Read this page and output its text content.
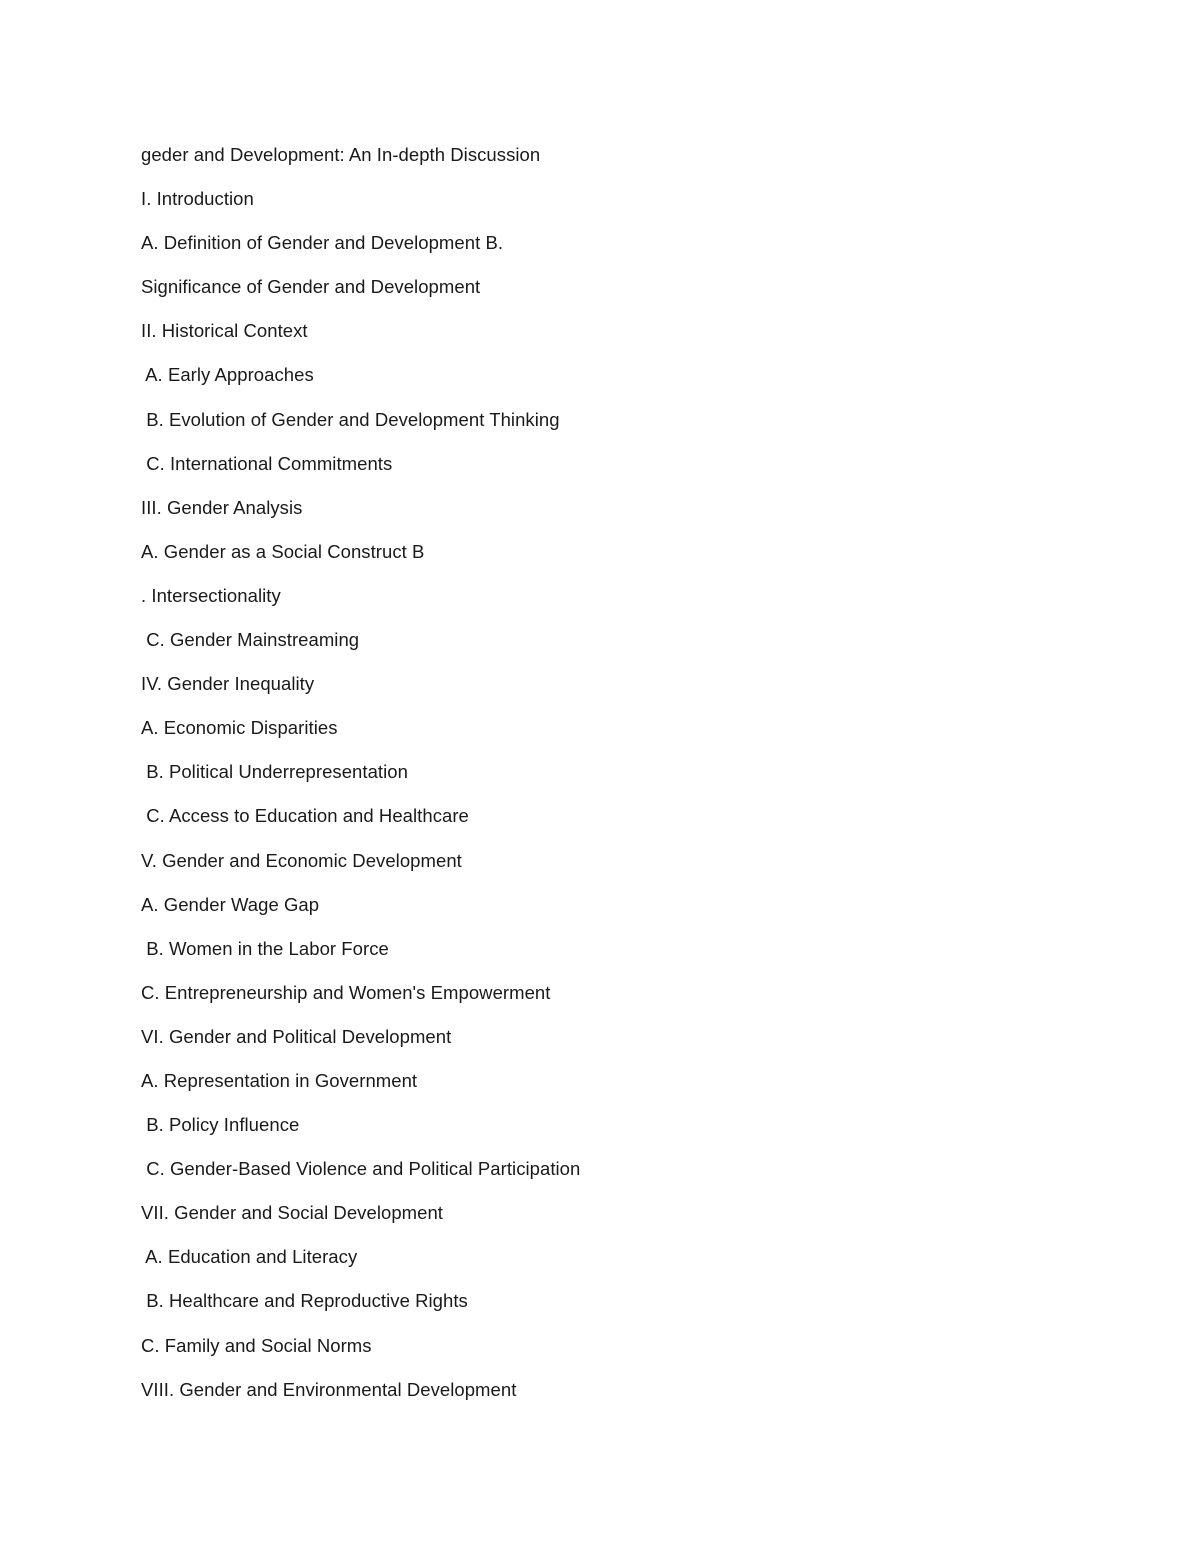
geder and Development: An In-depth Discussion
I. Introduction
A. Definition of Gender and Development B.
Significance of Gender and Development
II. Historical Context
A. Early Approaches
B. Evolution of Gender and Development Thinking
C. International Commitments
III. Gender Analysis
A. Gender as a Social Construct B
. Intersectionality
C. Gender Mainstreaming
IV. Gender Inequality
A. Economic Disparities
B. Political Underrepresentation
C. Access to Education and Healthcare
V. Gender and Economic Development
A. Gender Wage Gap
B. Women in the Labor Force
C. Entrepreneurship and Women's Empowerment
VI. Gender and Political Development
A. Representation in Government
B. Policy Influence
C. Gender-Based Violence and Political Participation
VII. Gender and Social Development
A. Education and Literacy
B. Healthcare and Reproductive Rights
C. Family and Social Norms
VIII. Gender and Environmental Development
